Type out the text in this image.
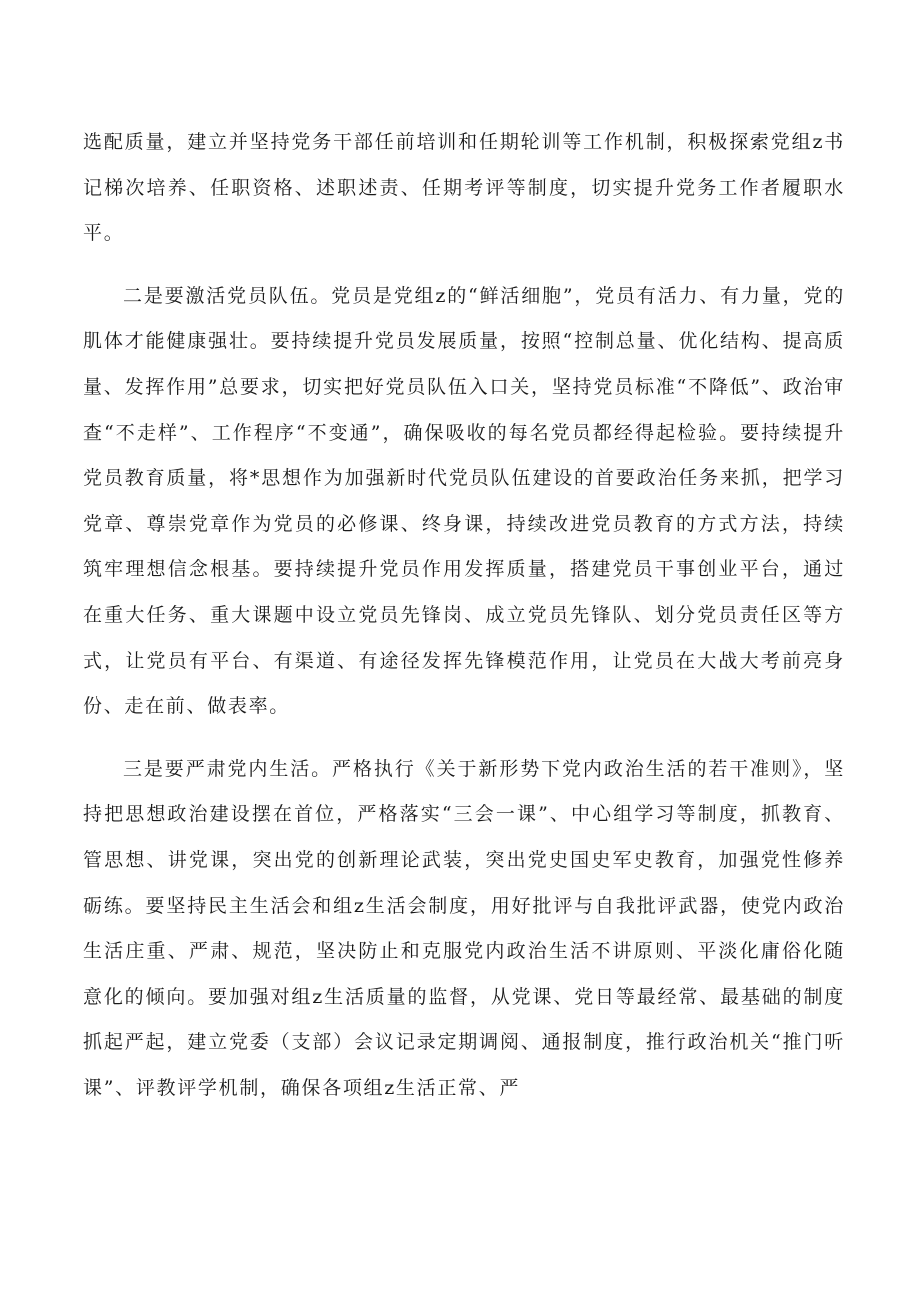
选配质量，建立并坚持党务干部任前培训和任期轮训等工作机制，积极探索党组z书记梯次培养、任职资格、述职述责、任期考评等制度，切实提升党务工作者履职水平。

二是要激活党员队伍。党员是党组z的“鲜活细胞”，党员有活力、有力量，党的肌体才能健康强壮。要持续提升党员发展质量，按照“控制总量、优化结构、提高质量、发挥作用”总要求，切实把好党员队伍入口关，坚持党员标准“不降低”、政治审查“不走样”、工作程序“不变通”，确保吸收的每名党员都经得起检验。要持续提升党员教育质量，将*思想作为加强新时代党员队伍建设的首要政治任务来抓，把学习党章、尊崇党章作为党员的必修课、终身课，持续改进党员教育的方式方法，持续筑牢理想信念根基。要持续提升党员作用发挥质量，搭建党员干事创业平台，通过在重大任务、重大课题中设立党员先锋岗、成立党员先锋队、划分党员责任区等方式，让党员有平台、有渠道、有途径发挥先锋模范作用，让党员在大战大考前亮身份、走在前、做表率。

三是要严肃党内生活。严格执行《关于新形势下党内政治生活的若干准则》，坚持把思想政治建设摆在首位，严格落实“三会一课”、中心组学习等制度，抓教育、管思想、讲党课，突出党的创新理论武装，突出党史国史军史教育，加强党性修养砺练。要坚持民主生活会和组z生活会制度，用好批评与自我批评武器，使党内政治生活庄重、严肃、规范，坚决防止和克服党内政治生活不讲原则、平淡化庸俗化随意化的倾向。要加强对组z生活质量的监督，从党课、党日等最经常、最基础的制度抓起严起，建立党委（支部）会议记录定期调阅、通报制度，推行政治机关“推门听课”、评教评学机制，确保各项组z生活正常、严
